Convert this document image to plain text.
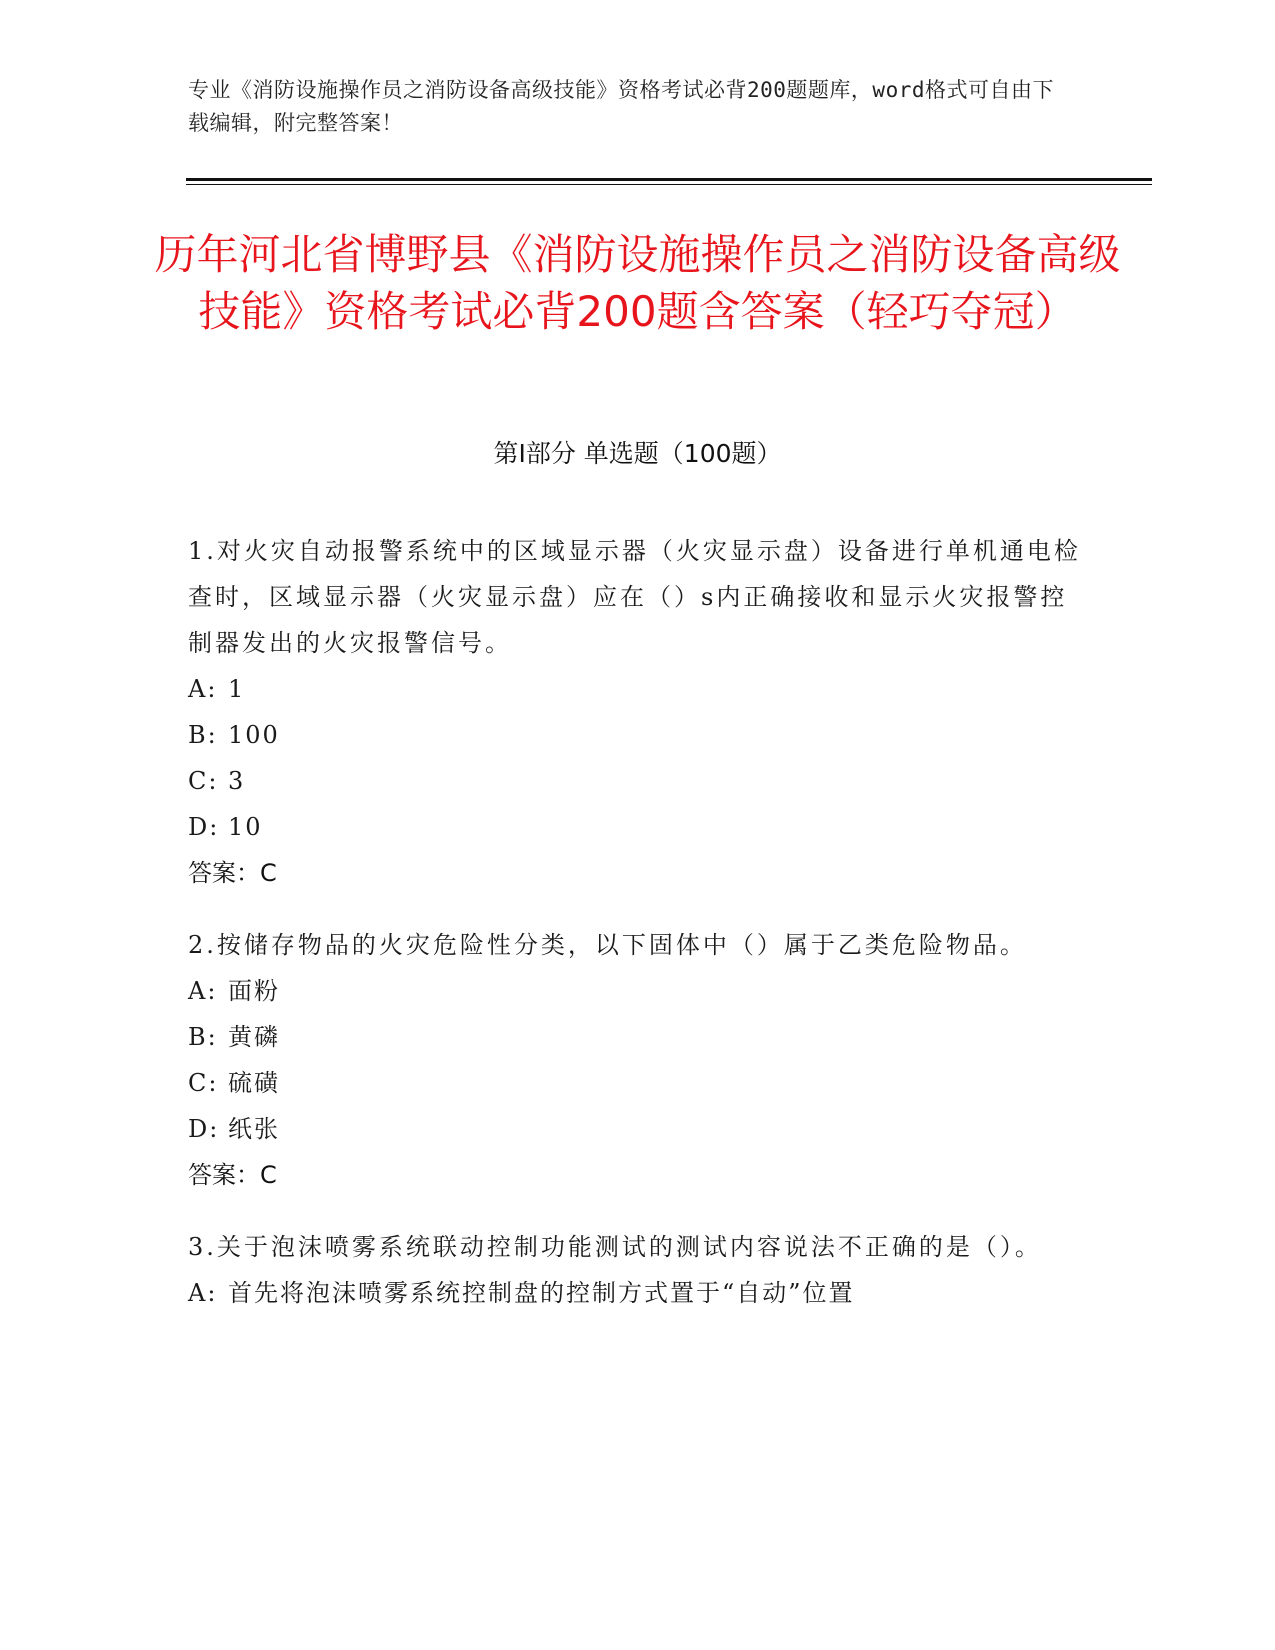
专业《消防设施操作员之消防设备高级技能》资格考试必背200题题库，word格式可自由下载编辑，附完整答案！
历年河北省博野县《消防设施操作员之消防设备高级技能》资格考试必背200题含答案（轻巧夺冠）
第I部分 单选题（100题）
1.对火灾自动报警系统中的区域显示器（火灾显示盘）设备进行单机通电检查时，区域显示器（火灾显示盘）应在（）s内正确接收和显示火灾报警控制器发出的火灾报警信号。
A: 1
B: 100
C: 3
D: 10
答案：C
2.按储存物品的火灾危险性分类，以下固体中（）属于乙类危险物品。
A: 面粉
B: 黄磷
C: 硫磺
D: 纸张
答案：C
3.关于泡沫喷雾系统联动控制功能测试的测试内容说法不正确的是（）。
A: 首先将泡沫喷雾系统控制盘的控制方式置于“自动”位置
